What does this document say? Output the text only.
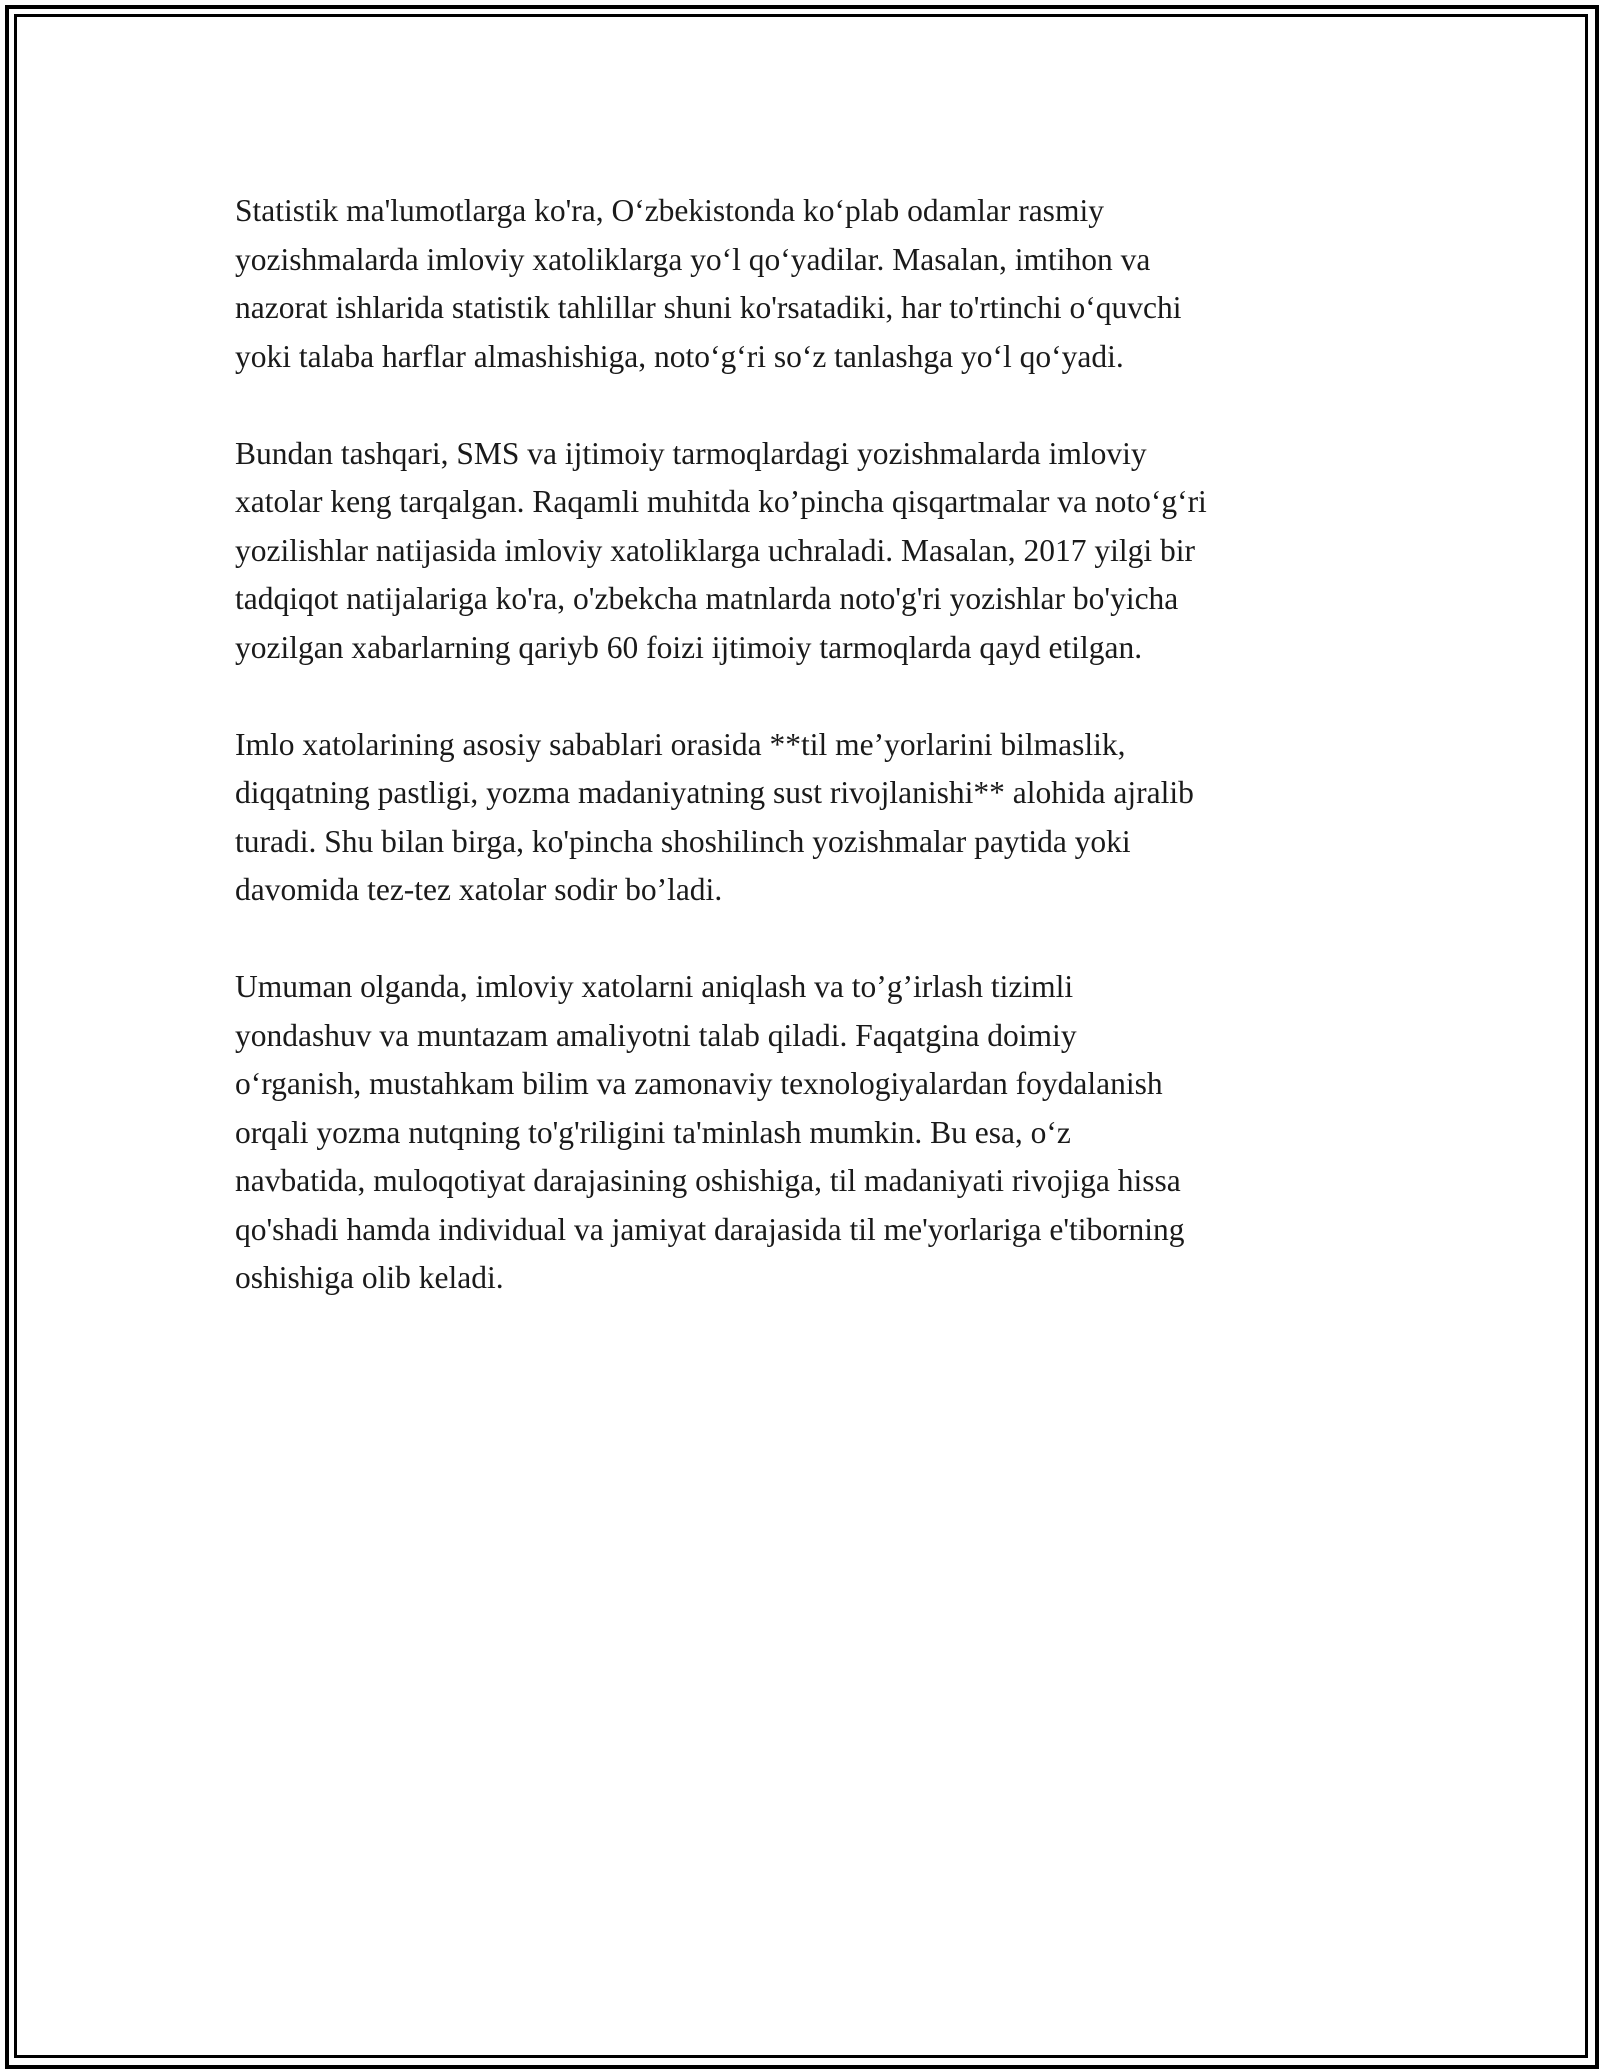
Statistik ma'lumotlarga ko'ra, O‘zbekistonda ko‘plab odamlar rasmiy
yozishmalarda imloviy xatoliklarga yo‘l qo‘yadilar. Masalan, imtihon va
nazorat ishlarida statistik tahlillar shuni ko'rsatadiki, har to'rtinchi o‘quvchi
yoki talaba harflar almashishiga, noto‘g‘ri so‘z tanlashga yo‘l qo‘yadi.

Bundan tashqari, SMS va ijtimoiy tarmoqlardagi yozishmalarda imloviy
xatolar keng tarqalgan. Raqamli muhitda ko’pincha qisqartmalar va noto‘g‘ri
yozilishlar natijasida imloviy xatoliklarga uchraladi. Masalan, 2017 yilgi bir
tadqiqot natijalariga ko'ra, o'zbekcha matnlarda noto'g'ri yozishlar bo'yicha
yozilgan xabarlarning qariyb 60 foizi ijtimoiy tarmoqlarda qayd etilgan.

Imlo xatolarining asosiy sabablari orasida **til me’yorlarini bilmaslik,
diqqatning pastligi, yozma madaniyatning sust rivojlanishi** alohida ajralib
turadi. Shu bilan birga, ko'pincha shoshilinch yozishmalar paytida yoki
davomida tez-tez xatolar sodir bo’ladi.

Umuman olganda, imloviy xatolarni aniqlash va to’g’irlash tizimli
yondashuv va muntazam amaliyotni talab qiladi. Faqatgina doimiy
o‘rganish, mustahkam bilim va zamonaviy texnologiyalardan foydalanish
orqali yozma nutqning to'g'riligini ta'minlash mumkin. Bu esa, o‘z
navbatida, muloqotiyat darajasining oshishiga, til madaniyati rivojiga hissa
qo'shadi hamda individual va jamiyat darajasida til me'yorlariga e'tiborning
oshishiga olib keladi.
